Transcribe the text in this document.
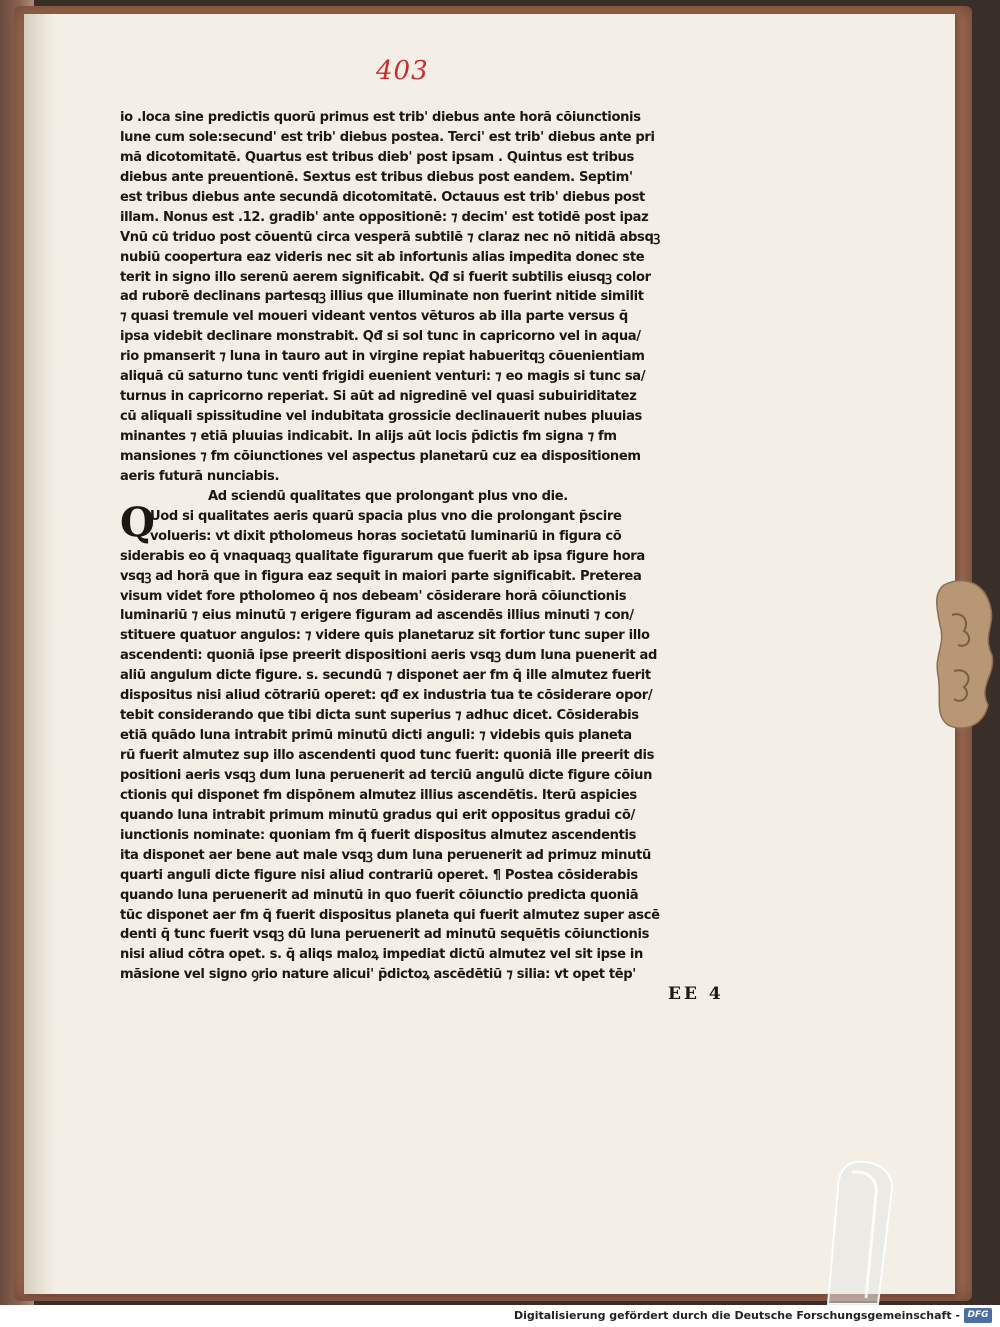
403
io .loca sine predictis quorū primus est trib' diebus ante horā cōiunctionis
lune cum sole:secund' est trib' diebus postea. Terci' est trib' diebus ante pri
mā dicotomitatē. Quartus est tribus dieb' post ipsam . Quintus est tribus
diebus ante preuentionē. Sextus est tribus diebus post eandem. Septim'
est tribus diebus ante secundā dicotomitatē. Octauus est trib' diebus post
illam. Nonus est .12. gradib' ante oppositionē: ⁊ decim' est totidē post ipaz
Vnū cū triduo post cōuentū circa vesperā subtilē ⁊ claraz nec nō nitidā absqꝫ
nubiū coopertura eaz videris nec sit ab infortunis alias impedita donec ste
terit in signo illo serenū aerem significabit. Qđ si fuerit subtilis eiusqꝫ color
ad ruborē declinans partesqꝫ illius que illuminate non fuerint nitide similit
⁊ quasi tremule vel moueri videant ventos vēturos ab illa parte versus q̄
ipsa videbit declinare monstrabit. Qđ si sol tunc in capricorno vel in aqua/
rio pmanserit ⁊ luna in tauro aut in virgine repiat habueritqꝫ cōuenientiam
aliquā cū saturno tunc venti frigidi euenient venturi: ⁊ eo magis si tunc sa/
turnus in capricorno reperiat. Si aūt ad nigredinē vel quasi subuiriditatez
cū aliquali spissitudine vel indubitata grossicie declinauerit nubes pluuias
minantes ⁊ etiā pluuias indicabit. In alijs aūt locis p̄dictis fm signa ⁊ fm
mansiones ⁊ fm cōiunctiones vel aspectus planetarū cuz ea dispositionem
aeris futurā nunciabis.
Ad sciendū qualitates que prolongant plus vno die.
Q
Uod si qualitates aeris quarū spacia plus vno die prolongant p̄scire
volueris: vt dixit ptholomeus horas societatū luminariū in figura cō
siderabis eo q̄ vnaquaqꝫ qualitate figurarum que fuerit ab ipsa figure hora
vsqꝫ ad horā que in figura eaz sequit in maiori parte significabit. Preterea
visum videt fore ptholomeo q̄ nos debeam' cōsiderare horā cōiunctionis
luminariū ⁊ eius minutū ⁊ erigere figuram ad ascendēs illius minuti ⁊ con/
stituere quatuor angulos: ⁊ videre quis planetaruz sit fortior tunc super illo
ascendenti: quoniā ipse preerit dispositioni aeris vsqꝫ dum luna puenerit ad
aliū angulum dicte figure. s. secundū ⁊ disponet aer fm q̄ ille almutez fuerit
dispositus nisi aliud cōtrariū operet: qđ ex industria tua te cōsiderare opor/
tebit considerando que tibi dicta sunt superius ⁊ adhuc dicet. Cōsiderabis
etiā quādo luna intrabit primū minutū dicti anguli: ⁊ videbis quis planeta
rū fuerit almutez sup illo ascendenti quod tunc fuerit: quoniā ille preerit dis
positioni aeris vsqꝫ dum luna peruenerit ad terciū angulū dicte figure cōiun
ctionis qui disponet fm dispōnem almutez illius ascendētis. Iterū aspicies
quando luna intrabit primum minutū gradus qui erit oppositus gradui cō/
iunctionis nominate: quoniam fm q̄ fuerit dispositus almutez ascendentis
ita disponet aer bene aut male vsqꝫ dum luna peruenerit ad primuz minutū
quarti anguli dicte figure nisi aliud contrariū operet. ¶ Postea cōsiderabis
quando luna peruenerit ad minutū in quo fuerit cōiunctio predicta quoniā
tūc disponet aer fm q̄ fuerit dispositus planeta qui fuerit almutez super ascē
denti q̄ tunc fuerit vsqꝫ dū luna peruenerit ad minutū sequētis cōiunctionis
nisi aliud cōtra opet. s. q̄ aliqs maloꝝ impediat dictū almutez vel sit ipse in
māsione vel signo ꝯrio nature alicui' p̄dictoꝝ ascēdētiū ⁊ silia: vt opet tēp'
EE 4
Digitalisierung gefördert durch die Deutsche Forschungsgemeinschaft - DFG
